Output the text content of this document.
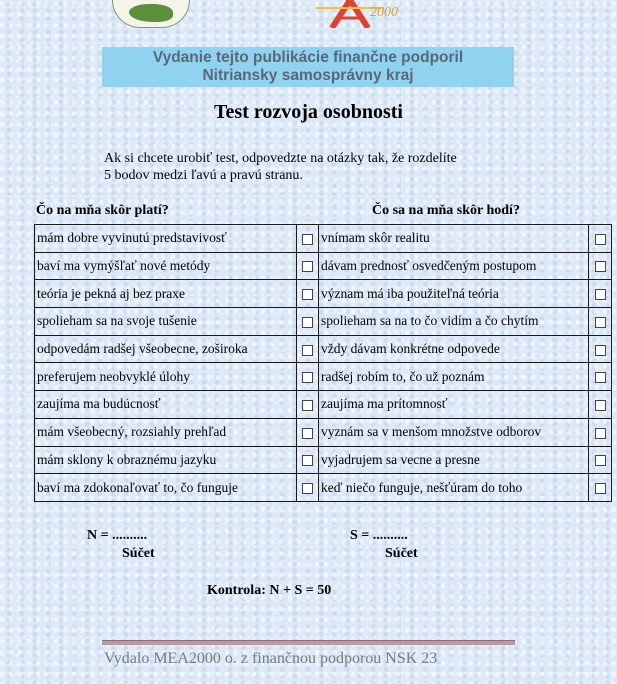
2000
Vydanie tejto publikácie finančne podporil
Nitriansky samosprávny kraj
Test rozvoja osobnosti
Ak si chcete urobiť test, odpovedzte na otázky tak, že rozdelíte
5 bodov medzi ľavú a pravú stranu.
Čo na mňa skôr platí?	Čo sa na mňa skôr hodí?
mám dobre vyvinutú predstavivosť		vnímam skôr realitu	
baví ma vymýšľať nové metódy		dávam prednosť osvedčeným postupom	
teória je pekná aj bez praxe		význam má iba použiteľná teória	
spolieham sa na svoje tušenie		spolieham sa na to čo vidím a čo chytím	
odpovedám radšej všeobecne, zoširoka		vždy dávam konkrétne odpovede	
preferujem neobvyklé úlohy		radšej robím to, čo už poznám	
zaujíma ma budúcnosť		zaujíma ma prítomnosť	
mám všeobecný, rozsiahly prehľad		vyznám sa v menšom množstve odborov	
mám sklony k obraznému jazyku		vyjadrujem sa vecne a presne	
baví ma zdokonaľovať to, čo funguje		keď niečo funguje, nešťúram do toho	
N = ..........
Súčet
S = ..........
Súčet
Kontrola: N + S = 50
Vydalo MEA2000 o. z finančnou podporou NSK 23
